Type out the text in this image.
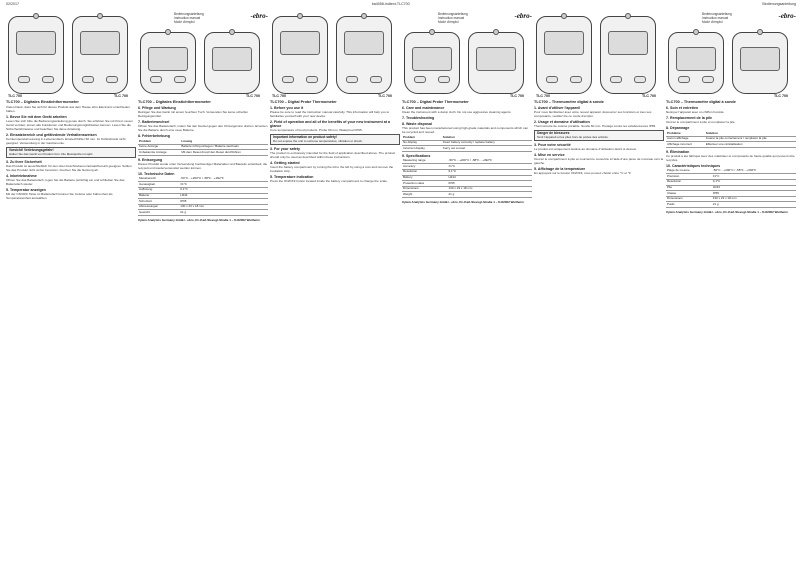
02/2017	ba4058-Indtext-TLC700	Bedienungsanleitung
TLC 700	TLC 700
TLC700 – Digitales Einstichthermometer
Vielen Dank, dass Sie sich für dieses Produkt aus dem Hause ebro Electronic entschieden haben.
1. Bevor Sie mit dem Gerät arbeiten
Lesen Sie sich bitte die Bedienungsanleitung genau durch. Sie erfahren Sie mit Ihrem neuen Gerät vertraut, lernen alle Funktionen und Bedienungsmöglichkeiten kennen. Lesen Sie die Sicherheitshinweise und beachten Sie diese Anleitung.
2. Einsatzbereich und gefährdende Verhaltensweisen
Kerntemperaturmessung in Lebensmitteln. Einstechfühler 60 mm. Im Kühlschrank nicht geeignet. Verwendung in der Gastronomie.
Vorsicht! Verletzungsgefahr!
Halten Sie das Gerät von Kindern fern. Die Messspitze ist spitz.
3. Zu Ihrer Sicherheit
Das Produkt ist ausschließlich für den oben beschriebenen Einsatzbereich geeignet. Sollten Sie das Produkt nicht sicher benutzen, brechen Sie die Nutzung ab.
4. Inbetriebnahme
Öffnen Sie das Batteriefach, legen Sie die Batterie polrichtig ein und schließen Sie das Batteriefach wieder.
5. Temperatur anzeigen
Mit der ON/OFF Taste im Batteriefach können Sie Celsius oder Fahrenheit als Temperatureinheit auswählen.
-ebro-
Bedienungsanleitung
Instruction manual
Mode d'emploi
TLC 700
TLC700 – Digitales Einstichthermometer
6. Pflege und Wartung
Reinigen Sie das Gerät mit einem feuchten Tuch. Verwenden Sie keine scharfen Reinigungsmittel.
7. Batteriewechsel
Öffnen Sie das Batteriefach, indem Sie den Deckel gegen den Uhrzeigersinn drehen. Ersetzen Sie die Batterie durch eine neue Batterie.
8. Fehlerbehebung
Problem	Lösung
Keine Anzeige	Batterie richtig einlegen / Batterie wechseln
Unbekannte Anzeige	Mit dem Reset-Knopf den Reset durchführen
9. Entsorgung
Dieses Produkt wurde unter Verwendung hochwertiger Materialien und Bauteile entwickelt, die recycelt und wiederverwendet werden können.
10. Technische Daten
Messbereich	-50°C…+200°C / -58°F…+392°F
Genauigkeit	±1°C
Auflösung	0,1°C
Batterie	LR44
Schutzart	IP65
Abmessungen	130 x 23 x 18 mm
Gewicht	21 g
Xylem Analytics Germany GmbH - ebro, Dr.-Karl-Slevogt-Straße 1 – D-82362 Weilheim
TLC 700	TLC 700
TLC700 – Digital Probe Thermometer
1. Before you use it
Please be sure to read the instruction manual carefully. This information will help you to familiarise yourself with your new device.
2. Field of operation and all of the benefits of your new instrument at a glance
Core temperature of food products. Probe 60 mm. Waterproof IP65.
Important information on product safety!
Do not expose the unit to extreme temperatures, vibration or shock.
3. For your safety
The product is exclusively intended for the field of application described above. The product should only be used as described within these instructions.
4. Getting started
Insert the battery compartment by turning the lid to the left by using a coin and remove the insulation strip.
5. Temperature indication
Press the ON/OFF button located inside the battery compartment to change the scale.
-ebro-
Bedienungsanleitung
Instruction manual
Mode d'emploi
TLC 700
TLC700 – Digital Probe Thermometer
6. Care and maintenance
Clean the instrument with a damp cloth. Do not use aggressive cleaning agents.
7. Troubleshooting
8. Waste disposal
This product has been manufactured using high-grade materials and components which can be recycled and reused.
Problem	Solution
No display	Insert battery correctly / replace battery
Incorrect display	Carry out a reset
9. Specifications
Measuring range	-50°C…+200°C / -58°F…+392°F
Accuracy	±1°C
Resolution	0.1°C
Battery	LR44
Protection class	IP65
Dimensions	130 x 23 x 18 mm
Weight	21 g
Xylem Analytics Germany GmbH - ebro, Dr.-Karl-Slevogt-Straße 1 – D-82362 Weilheim
TLC 700	TLC 700
TLC700 – Thermomètre digital à sonde
1. Avant d'utiliser l'appareil
Pour vous familiariser avec votre nouvel appareil, découvrez ses fonctions et tous ses composants, veuillez lire ce mode d'emploi.
2. Usage et domaine d'utilisation
Thermomètre de cuisine portable. Sonde 60 mm. Protégé contre les éclaboussures IP65.
Danger de blessures
Tenir l'appareil et les piles hors de portée des enfants.
3. Pour votre sécurité
Le produit est uniquement destiné au domaine d'utilisation décrit ci-dessus.
4. Mise en service
Ouvrez le compartiment à pile en tournant le couvercle à l'aide d'une pièce de monnaie vers la gauche.
5. Affichage de la température
En appuyant sur le bouton ON/OFF, vous pouvez choisir entre °C et °F.
-ebro-
Bedienungsanleitung
Instruction manual
Mode d'emploi
TLC 700
TLC700 – Thermomètre digital à sonde
6. Soin et entretien
Nettoyer l'appareil avec un chiffon humide.
7. Remplacement de la pile
Ouvrez le compartiment à pile et remplacez la pile.
8. Dépannage
Problème	Solution
Aucun affichage	Insérer la pile correctement / remplacer la pile
Affichage incorrect	Effectuer une réinitialisation
9. Élimination
Ce produit a été fabriqué avec des matériaux et composants de haute qualité qui peuvent être recyclés.
10. Caractéristiques techniques
Plage de mesure	-50°C…+200°C / -58°F…+392°F
Précision	±1°C
Résolution	0,1°C
Pile	LR44
Classe	IP65
Dimensions	130 x 23 x 18 mm
Poids	21 g
Xylem Analytics Germany GmbH - ebro, Dr.-Karl-Slevogt-Straße 1 – D-82362 Weilheim
